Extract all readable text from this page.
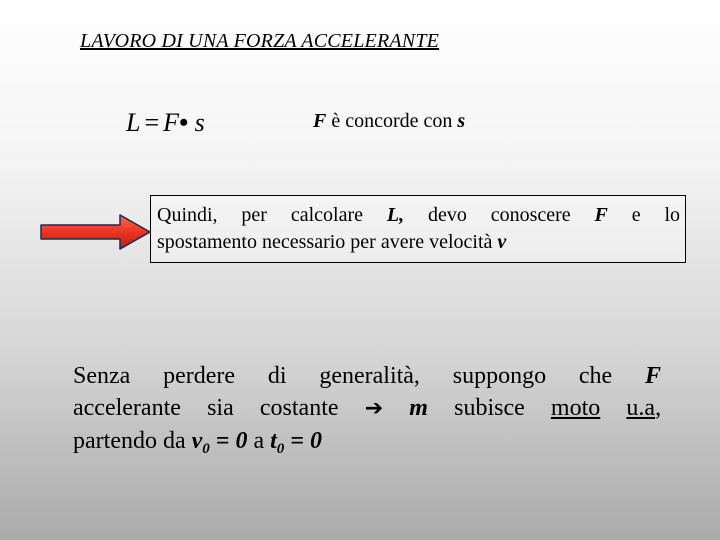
LAVORO DI UNA FORZA ACCELERANTE
L = F• s	F è concorde con s
Quindi, per calcolare L, devo conoscere F e lo
spostamento necessario per avere velocità v
Senza perdere di generalità, suppongo che F
accelerante sia costante ➔ m subisce moto u.a,
partendo da $v_0 = 0$ a $t_0 = 0$
